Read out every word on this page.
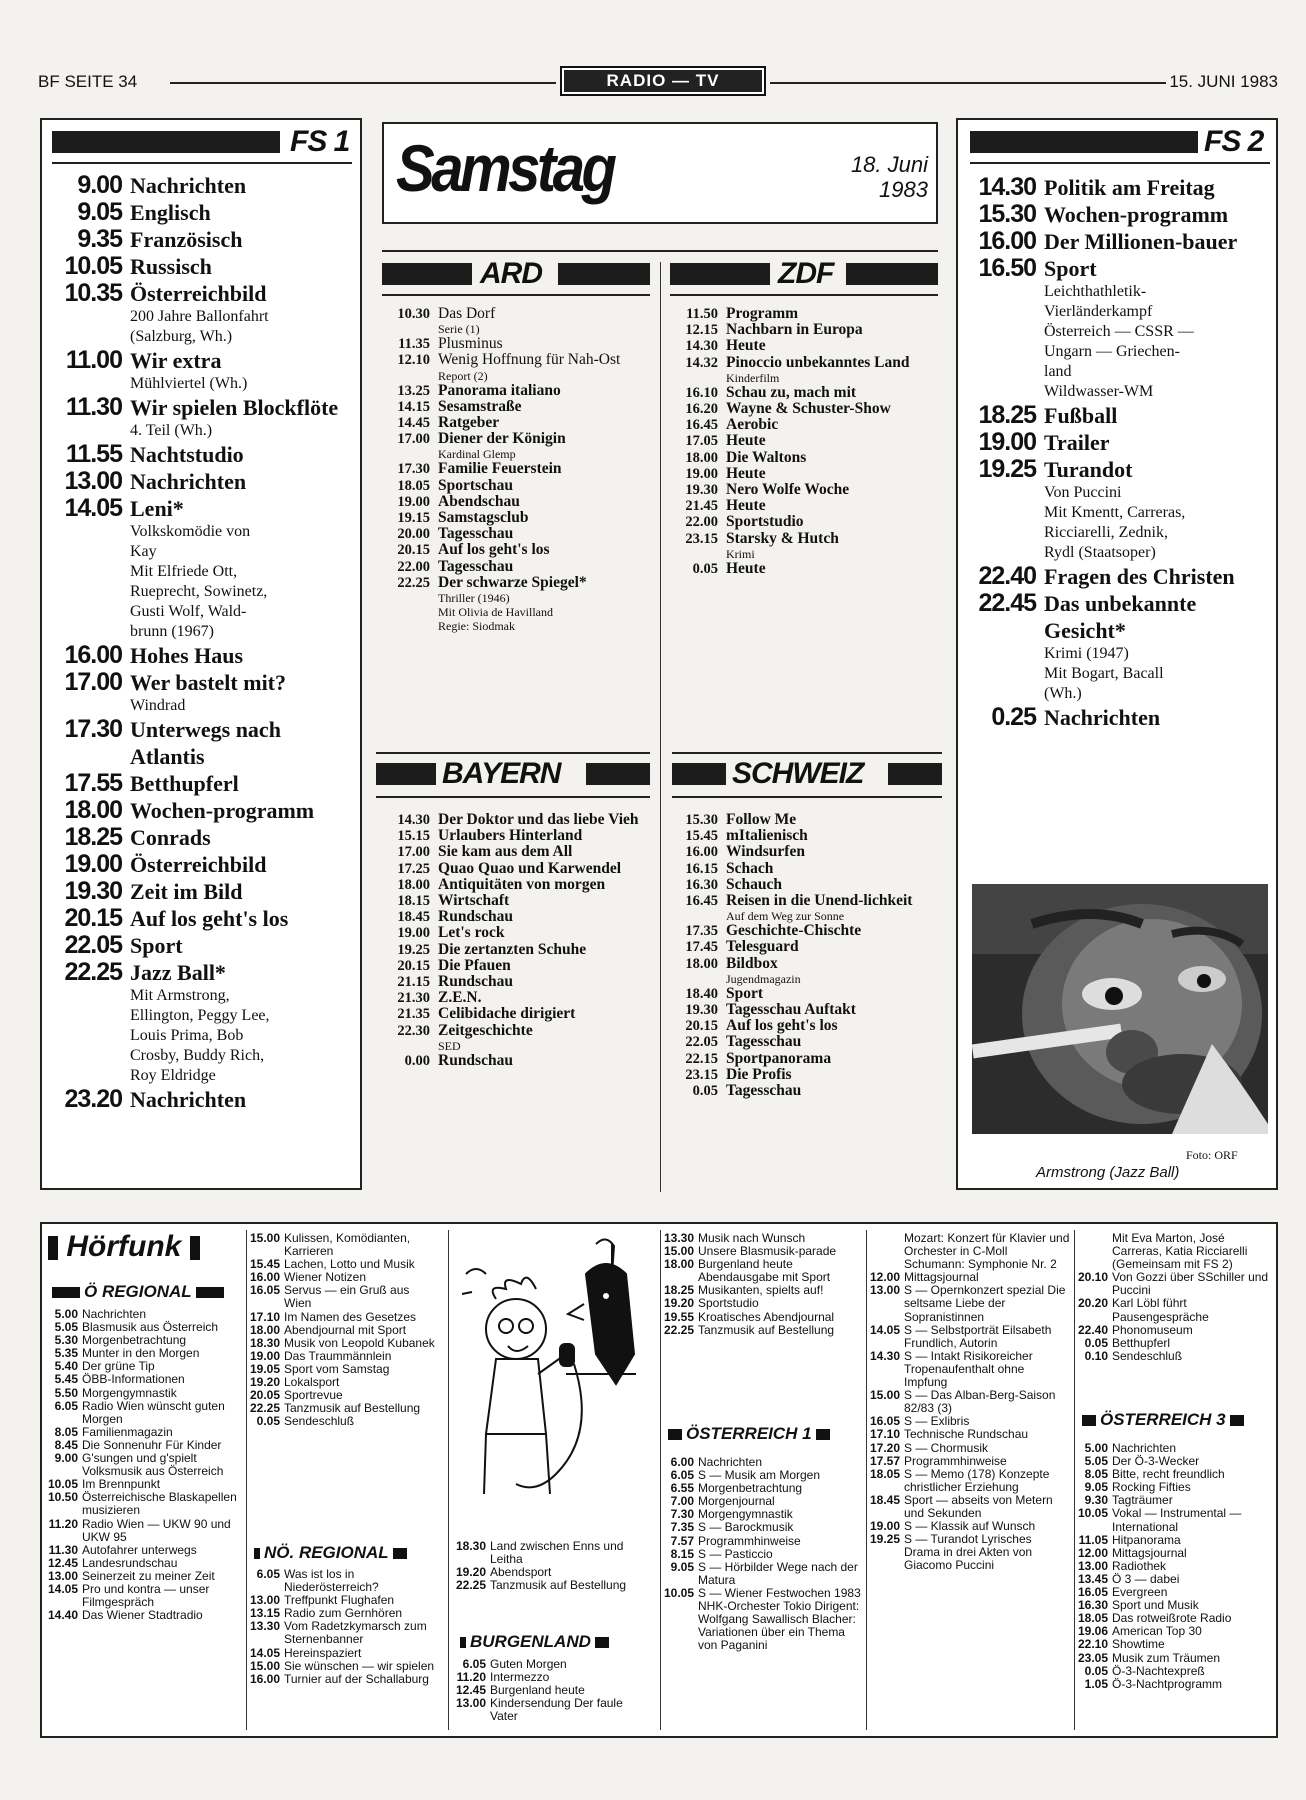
BF SEITE 34	RADIO — TV	15. JUNI 1983
FS 1
9.00 Nachrichten
9.05 Englisch
9.35 Französisch
10.05 Russisch
10.35 Österreichbild
200 Jahre Ballonfahrt
(Salzburg, Wh.)
11.00 Wir extra
Mühlviertel (Wh.)
11.30 Wir spielen Blockflöte
4. Teil (Wh.)
11.55 Nachtstudio
13.00 Nachrichten
14.05 Leni*
Volkskomödie von
Kay
Mit Elfriede Ott,
Rueprecht, Sowinetz,
Gusti Wolf, Wald-
brunn (1967)
16.00 Hohes Haus
17.00 Wer bastelt mit?
Windrad
17.30 Unterwegs nach Atlantis
17.55 Betthupferl
18.00 Wochen-programm
18.25 Conrads
19.00 Österreichbild
19.30 Zeit im Bild
20.15 Auf los geht's los
22.05 Sport
22.25 Jazz Ball*
Mit Armstrong,
Ellington, Peggy Lee,
Louis Prima, Bob
Crosby, Buddy Rich,
Roy Eldridge
23.20 Nachrichten
Samstag	18. Juni
1983
ARD
10.30 Das Dorf
Serie (1)
11.35 Plusminus
12.10 Wenig Hoffnung für Nah-Ost
Report (2)
13.25 Panorama italiano
14.15 Sesamstraße
14.45 Ratgeber
17.00 Diener der Königin
Kardinal Glemp
17.30 Familie Feuerstein
18.05 Sportschau
19.00 Abendschau
19.15 Samstagsclub
20.00 Tagesschau
20.15 Auf los geht's los
22.00 Tagesschau
22.25 Der schwarze Spiegel*
Thriller (1946)
Mit Olivia de Havilland
Regie: Siodmak
ZDF
11.50 Programm
12.15 Nachbarn in Europa
14.30 Heute
14.32 Pinoccio unbekanntes Land
Kinderfilm
16.10 Schau zu, mach mit
16.20 Wayne & Schuster-Show
16.45 Aerobic
17.05 Heute
18.00 Die Waltons
19.00 Heute
19.30 Nero Wolfe Woche
21.45 Heute
22.00 Sportstudio
23.15 Starsky & Hutch
Krimi
0.05 Heute
BAYERN
14.30 Der Doktor und das liebe Vieh
15.15 Urlaubers Hinterland
17.00 Sie kam aus dem All
17.25 Quao Quao und Karwendel
18.00 Antiquitäten von morgen
18.15 Wirtschaft
18.45 Rundschau
19.00 Let's rock
19.25 Die zertanzten Schuhe
20.15 Die Pfauen
21.15 Rundschau
21.30 Z.E.N.
21.35 Celibidache dirigiert
22.30 Zeitgeschichte
SED
0.00 Rundschau
SCHWEIZ
15.30 Follow Me
15.45 mItalienisch
16.00 Windsurfen
16.15 Schach
16.30 Schauch
16.45 Reisen in die Unend-lichkeit
Auf dem Weg zur Sonne
17.35 Geschichte-Chischte
17.45 Telesguard
18.00 Bildbox
Jugendmagazin
18.40 Sport
19.30 Tagesschau Auftakt
20.15 Auf los geht's los
22.05 Tagesschau
22.15 Sportpanorama
23.15 Die Profis
0.05 Tagesschau
FS 2
14.30 Politik am Freitag
15.30 Wochen-programm
16.00 Der Millionen-bauer
16.50 Sport
Leichthathletik-
Vierländerkampf
Österreich — CSSR —
Ungarn — Griechen-
land
Wildwasser-WM
18.25 Fußball
19.00 Trailer
19.25 Turandot
Von Puccini
Mit Kmentt, Carreras,
Ricciarelli, Zednik,
Rydl (Staatsoper)
22.40 Fragen des Christen
22.45 Das unbekannte Gesicht*
Krimi (1947)
Mit Bogart, Bacall
(Wh.)
0.25 Nachrichten
Foto: ORF
Armstrong (Jazz Ball)
Hörfunk
Ö REGIONAL
5.00 Nachrichten
5.05 Blasmusik aus Österreich
5.30 Morgenbetrachtung
5.35 Munter in den Morgen
5.40 Der grüne Tip
5.45 ÖBB-Informationen
5.50 Morgengymnastik
6.05 Radio Wien wünscht guten Morgen
8.05 Familienmagazin
8.45 Die Sonnenuhr Für Kinder
9.00 G'sungen und g'spielt Volksmusik aus Österreich
10.05 Im Brennpunkt
10.50 Österreichische Blaskapellen musizieren
11.20 Radio Wien — UKW 90 und UKW 95
11.30 Autofahrer unterwegs
12.45 Landesrundschau
13.00 Seinerzeit zu meiner Zeit
14.05 Pro und kontra — unser Filmgespräch
14.40 Das Wiener Stadtradio
15.00 Kulissen, Komödianten, Karrieren
15.45 Lachen, Lotto und Musik
16.00 Wiener Notizen
16.05 Servus — ein Gruß aus Wien
17.10 Im Namen des Gesetzes
18.00 Abendjournal mit Sport
18.30 Musik von Leopold Kubanek
19.00 Das Traummännlein
19.05 Sport vom Samstag
19.20 Lokalsport
20.05 Sportrevue
22.25 Tanzmusik auf Bestellung
0.05 Sendeschluß
NÖ. REGIONAL
6.05 Was ist los in Niederösterreich?
13.00 Treffpunkt Flughafen
13.15 Radio zum Gernhören
13.30 Vom Radetzkymarsch zum Sternenbanner
14.05 Hereinspaziert
15.00 Sie wünschen — wir spielen
16.00 Turnier auf der Schallaburg
18.30 Land zwischen Enns und Leitha
19.20 Abendsport
22.25 Tanzmusik auf Bestellung
BURGENLAND
6.05 Guten Morgen
11.20 Intermezzo
12.45 Burgenland heute
13.00 Kindersendung Der faule Vater
13.30 Musik nach Wunsch
15.00 Unsere Blasmusik-parade
18.00 Burgenland heute Abendausgabe mit Sport
18.25 Musikanten, spielts auf!
19.20 Sportstudio
19.55 Kroatisches Abendjournal
22.25 Tanzmusik auf Bestellung
ÖSTERREICH 1
6.00 Nachrichten
6.05 S — Musik am Morgen
6.55 Morgenbetrachtung
7.00 Morgenjournal
7.30 Morgengymnastik
7.35 S — Barockmusik
7.57 Programmhinweise
8.15 S — Pasticcio
9.05 S — Hörbilder Wege nach der Matura
10.05 S — Wiener Festwochen 1983 NHK-Orchester Tokio Dirigent: Wolfgang Sawallisch Blacher: Variationen über ein Thema von Paganini
Mozart: Konzert für Klavier und Orchester in C-Moll Schumann: Symphonie Nr. 2
12.00 Mittagsjournal
13.00 S — Opernkonzert spezial Die seltsame Liebe der Sopranistinnen
14.05 S — Selbstporträt Eilsabeth Frundlich, Autorin
14.30 S — Intakt Risikoreicher Tropenaufenthalt ohne Impfung
15.00 S — Das Alban-Berg-Saison 82/83 (3)
16.05 S — Exlibris
17.10 Technische Rundschau
17.20 S — Chormusik
17.57 Programmhinweise
18.05 S — Memo (178) Konzepte christlicher Erziehung
18.45 Sport — abseits von Metern und Sekunden
19.00 S — Klassik auf Wunsch
19.25 S — Turandot Lyrisches Drama in drei Akten von Giacomo Puccini
Mit Eva Marton, José Carreras, Katia Ricciarelli (Gemeinsam mit FS 2)
20.10 Von Gozzi über SSchiller und Puccini
20.20 Karl Löbl führt Pausengespräche
22.40 Phonomuseum
0.05 Betthupferl
0.10 Sendeschluß
ÖSTERREICH 3
5.00 Nachrichten
5.05 Der Ö-3-Wecker
8.05 Bitte, recht freundlich
9.05 Rocking Fifties
9.30 Tagträumer
10.05 Vokal — Instrumental — International
11.05 Hitpanorama
12.00 Mittagsjournal
13.00 Radiothek
13.45 Ö 3 — dabei
16.05 Evergreen
16.30 Sport und Musik
18.05 Das rotweißrote Radio
19.06 American Top 30
22.10 Showtime
23.05 Musik zum Träumen
0.05 Ö-3-Nachtexpreß
1.05 Ö-3-Nachtprogramm
